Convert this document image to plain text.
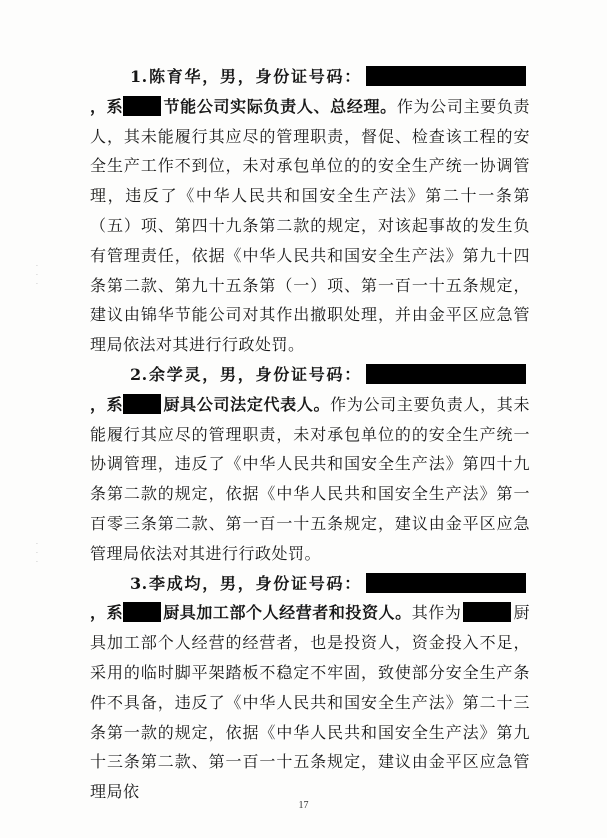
·
·
·
·
·
·

1.陈育华，男，身份证号码：，系	节能公司实际负责人、总经理。作为公司主要负责人，其未能履行其应尽的管理职责，督促、检查该工程的安全生产工作不到位，未对承包单位的的安全生产统一协调管理，违反了《中华人民共和国安全生产法》第二十一条第（五）项、第四十九条第二款的规定，对该起事故的发生负有管理责任，依据《中华人民共和国安全生产法》第九十四条第二款、第九十五条第（一）项、第一百一十五条规定，建议由锦华节能公司对其作出撤职处理，并由金平区应急管理局依法对其进行行政处罚。

2.余学灵，男，身份证号码：，系	厨具公司法定代表人。作为公司主要负责人，其未能履行其应尽的管理职责，未对承包单位的的安全生产统一协调管理，违反了《中华人民共和国安全生产法》第四十九条第二款的规定，依据《中华人民共和国安全生产法》第一百零三条第二款、第一百一十五条规定，建议由金平区应急管理局依法对其进行行政处罚。

3.李成均，男，身份证号码：，系	厨具加工部个人经营者和投资人。其作为	厨具加工部个人经营的经营者，也是投资人，资金投入不足，采用的临时脚平架踏板不稳定不牢固，致使部分安全生产条件不具备，违反了《中华人民共和国安全生产法》第二十三条第一款的规定，依据《中华人民共和国安全生产法》第九十三条第二款、第一百一十五条规定，建议由金平区应急管理局依

17
